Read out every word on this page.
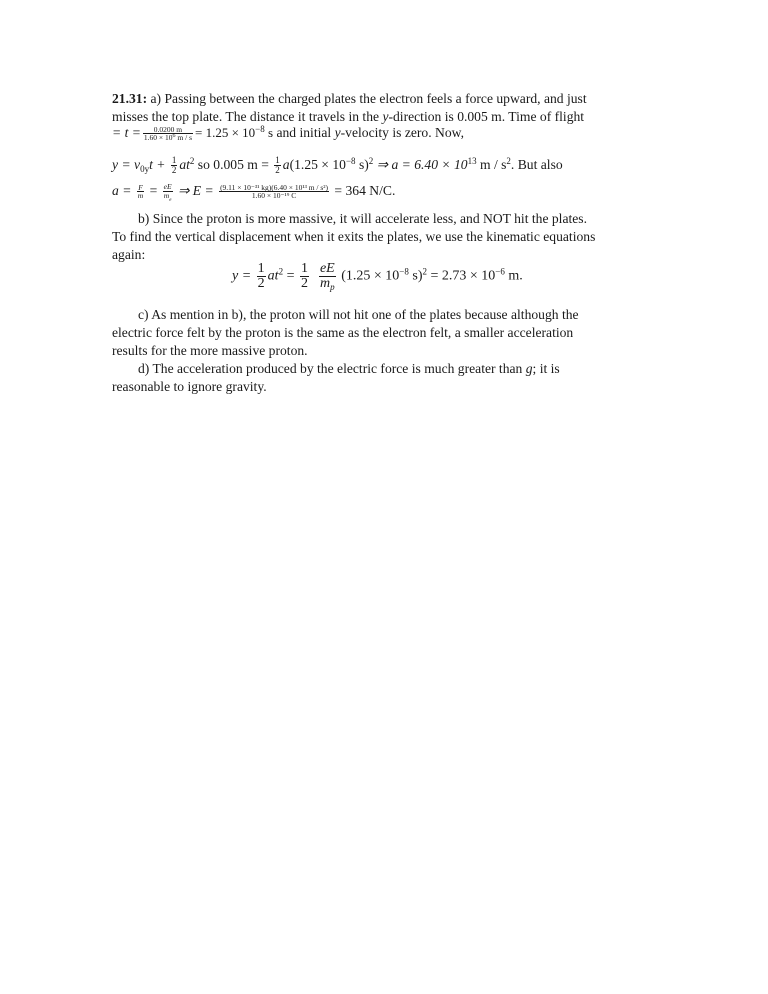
21.31: a) Passing between the charged plates the electron feels a force upward, and just
misses the top plate. The distance it travels in the y-direction is 0.005 m. Time of flight
= $t = \frac{0.0200 m}{1.60 \times 10^6 m / s} = 1.25 \times 10^{-8}$ s and initial y-velocity is zero. Now,
$y = v_{0y}t + \frac{1}{2} at^2$ so 0.005 $m = \frac{1}{2} a(1.25 \times 10^{-8}$ s)$^2$ ⇒ $a = 6.40 \times 10^{13}$ m / $s^2$. But also
$a = \frac{F}{m} = \frac{eE}{m_e}$ ⇒ $E = \frac{\text{(9.11 × 10⁻³¹ kg)(6.40 × 10¹³ m / s²)}}{\text{1.60 × 10⁻¹⁹ C}} = 364$ N/C.
b) Since the proton is more massive, it will accelerate less, and NOT hit the plates.
To find the vertical displacement when it exits the plates, we use the kinematic equations
again:
$y = \frac{1}{2} at^2 = \frac{1}{2} \frac{eE}{m_p} (1.25 \times 10^{-8}$ $s)^2 = 2.73 \times 10^{-6}$ m.
c) As mention in b), the proton will not hit one of the plates because although the
electric force felt by the proton is the same as the electron felt, a smaller acceleration
results for the more massive proton.
d) The acceleration produced by the electric force is much greater than g; it is
reasonable to ignore gravity.
